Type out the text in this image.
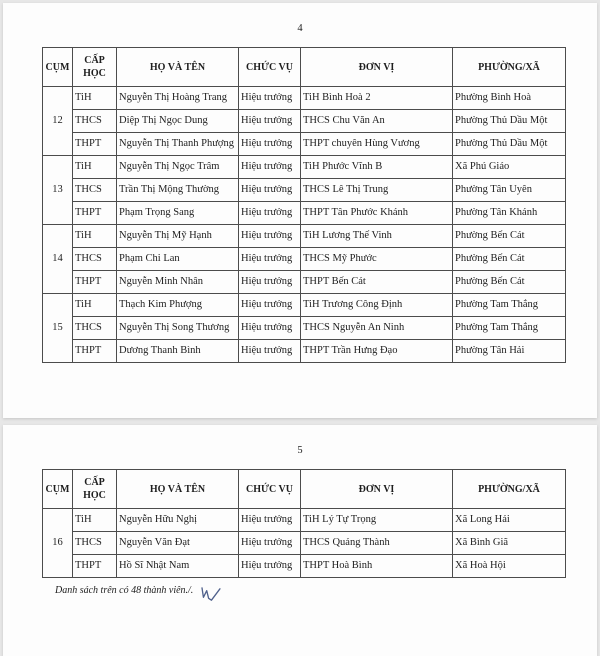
4
CỤM	CẤP HỌC	HỌ VÀ TÊN	CHỨC VỤ	ĐƠN VỊ	PHƯỜNG/XÃ
12	TiH	Nguyễn Thị Hoàng Trang	Hiệu trưởng	TiH Bình Hoà 2	Phường Bình Hoà
	THCS	Diệp Thị Ngọc Dung	Hiệu trưởng	THCS Chu Văn An	Phường Thủ Dầu Một
	THPT	Nguyễn Thị Thanh Phượng	Hiệu trưởng	THPT chuyên Hùng Vương	Phường Thủ Dầu Một
13	TiH	Nguyễn Thị Ngọc Trâm	Hiệu trưởng	TiH Phước Vĩnh B	Xã Phú Giáo
	THCS	Trần Thị Mộng Thường	Hiệu trưởng	THCS Lê Thị Trung	Phường Tân Uyên
	THPT	Phạm Trọng Sang	Hiệu trưởng	THPT Tân Phước Khánh	Phường Tân Khánh
14	TiH	Nguyễn Thị Mỹ Hạnh	Hiệu trưởng	TiH Lương Thế Vinh	Phường Bến Cát
	THCS	Phạm Chi Lan	Hiệu trưởng	THCS Mỹ Phước	Phường Bến Cát
	THPT	Nguyễn Minh Nhân	Hiệu trưởng	THPT Bến Cát	Phường Bến Cát
15	TiH	Thạch Kim Phượng	Hiệu trưởng	TiH Trương Công Định	Phường Tam Thắng
	THCS	Nguyễn Thị Song Thương	Hiệu trưởng	THCS Nguyễn An Ninh	Phường Tam Thắng
	THPT	Dương Thanh Bình	Hiệu trưởng	THPT Trần Hưng Đạo	Phường Tân Hải
5
CỤM	CẤP HỌC	HỌ VÀ TÊN	CHỨC VỤ	ĐƠN VỊ	PHƯỜNG/XÃ
16	TiH	Nguyễn Hữu Nghị	Hiệu trưởng	TiH Lý Tự Trọng	Xã Long Hải
	THCS	Nguyễn Văn Đạt	Hiệu trưởng	THCS Quảng Thành	Xã Bình Giã
	THPT	Hồ Sĩ Nhật Nam	Hiệu trưởng	THPT Hoà Bình	Xã Hoà Hội
Danh sách trên có 48 thành viên./.
